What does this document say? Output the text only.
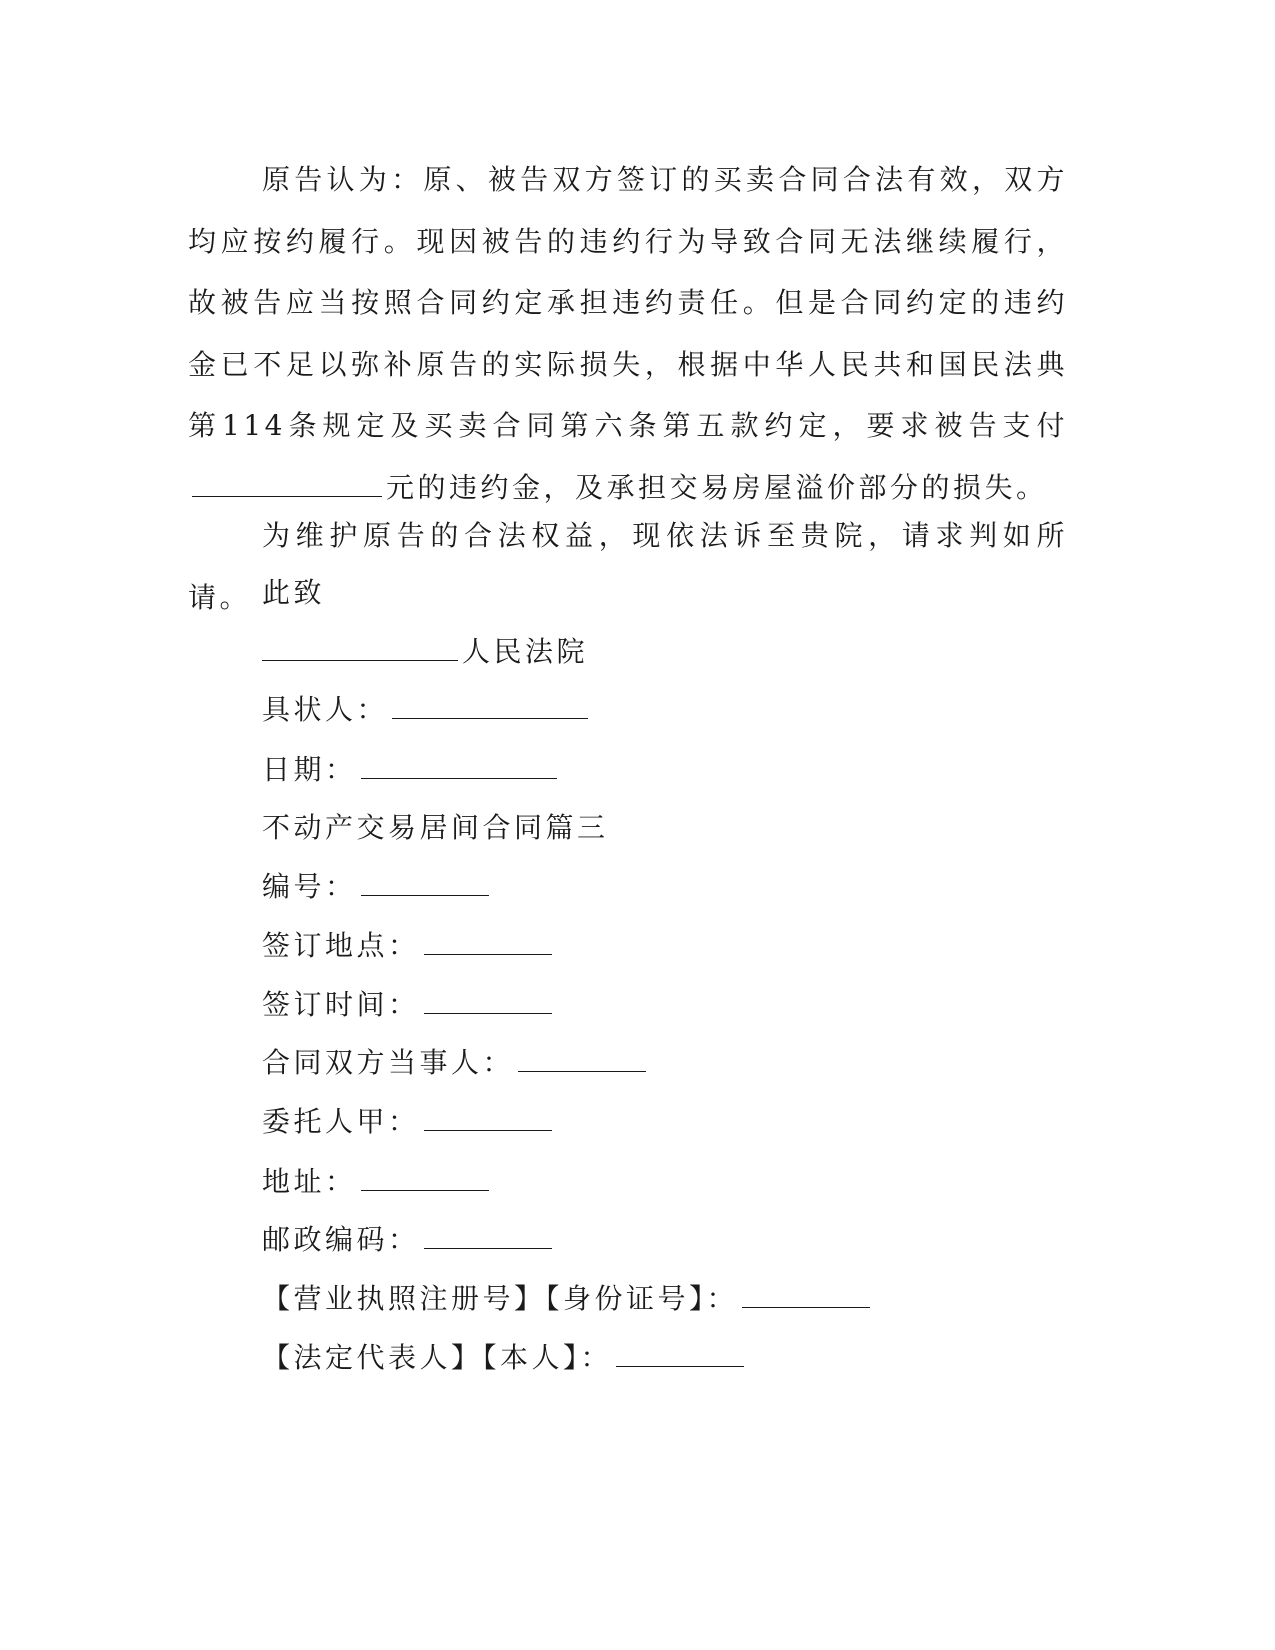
原告认为：原、被告双方签订的买卖合同合法有效，双方均应按约履行。现因被告的违约行为导致合同无法继续履行，故被告应当按照合同约定承担违约责任。但是合同约定的违约金已不足以弥补原告的实际损失，根据中华人民共和国民法典第114条规定及买卖合同第六条第五款约定，要求被告支付元的违约金，及承担交易房屋溢价部分的损失。

为维护原告的合法权益，现依法诉至贵院，请求判如所请。 此致

人民法院

具状人：

日期：

不动产交易居间合同篇三

编号：

签订地点：

签订时间：

合同双方当事人：

委托人甲：

地址：

邮政编码：

【营业执照注册号】【身份证号】：

【法定代表人】【本人】：
